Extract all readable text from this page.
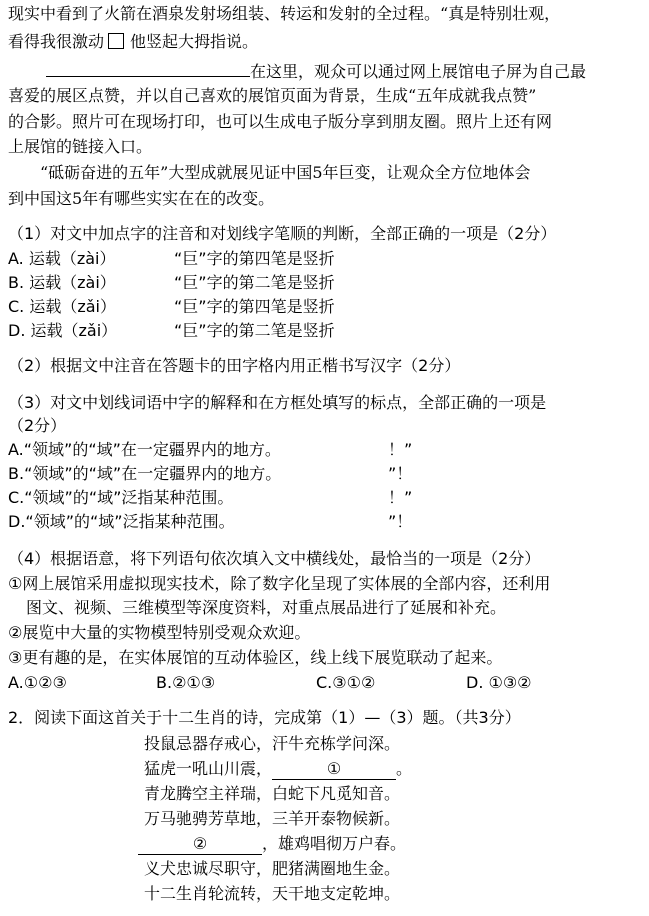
现实中看到了火箭在酒泉发射场组装、转运和发射的全过程。“真是特别壮观，
看得我很激动 他竖起大拇指说。
在这里，观众可以通过网上展馆电子屏为自己最
喜爱的展区点赞，并以自己喜欢的展馆页面为背景，生成“五年成就我点赞”
的合影。照片可在现场打印，也可以生成电子版分享到朋友圈。照片上还有网
上展馆的链接入口。
“砥砺奋进的五年”大型成就展见证中国5年巨变，让观众全方位地体会
到中国这5年有哪些实实在在的改变。
（1）对文中加点字的注音和对划线字笔顺的判断，全部正确的一项是（2分）
A. 运载（zài）	“巨”字的第四笔是竖折
B. 运载（zài）	“巨”字的第二笔是竖折
C. 运载（zǎi）	“巨”字的第四笔是竖折
D. 运载（zǎi）	“巨”字的第二笔是竖折
（2）根据文中注音在答题卡的田字格内用正楷书写汉字（2分）
（3）对文中划线词语中字的解释和在方框处填写的标点，全部正确的一项是
（2分）
A.“领域”的“域”在一定疆界内的地方。	！”
B.“领域”的“域”在一定疆界内的地方。	”！
C.“领域”的“域”泛指某种范围。	！”
D.“领域”的“域”泛指某种范围。	”！
（4）根据语意，将下列语句依次填入文中横线处，最恰当的一项是（2分）
①网上展馆采用虚拟现实技术，除了数字化呈现了实体展的全部内容，还利用
图文、视频、三维模型等深度资料，对重点展品进行了延展和补充。
②展览中大量的实物模型特别受观众欢迎。
③更有趣的是，在实体展馆的互动体验区，线上线下展览联动了起来。
A.①②③	B.②①③	C.③①②	D. ①③②
2．阅读下面这首关于十二生肖的诗，完成第（1）—（3）题。（共3分）
投鼠忌器存戒心，汗牛充栋学问深。
猛虎一吼山川震，	①	。
青龙腾空主祥瑞，白蛇下凡觅知音。
万马驰骋芳草地，三羊开泰物候新。
②	，雄鸡唱彻万户春。
义犬忠诚尽职守，肥猪满圈地生金。
十二生肖轮流转，天干地支定乾坤。
